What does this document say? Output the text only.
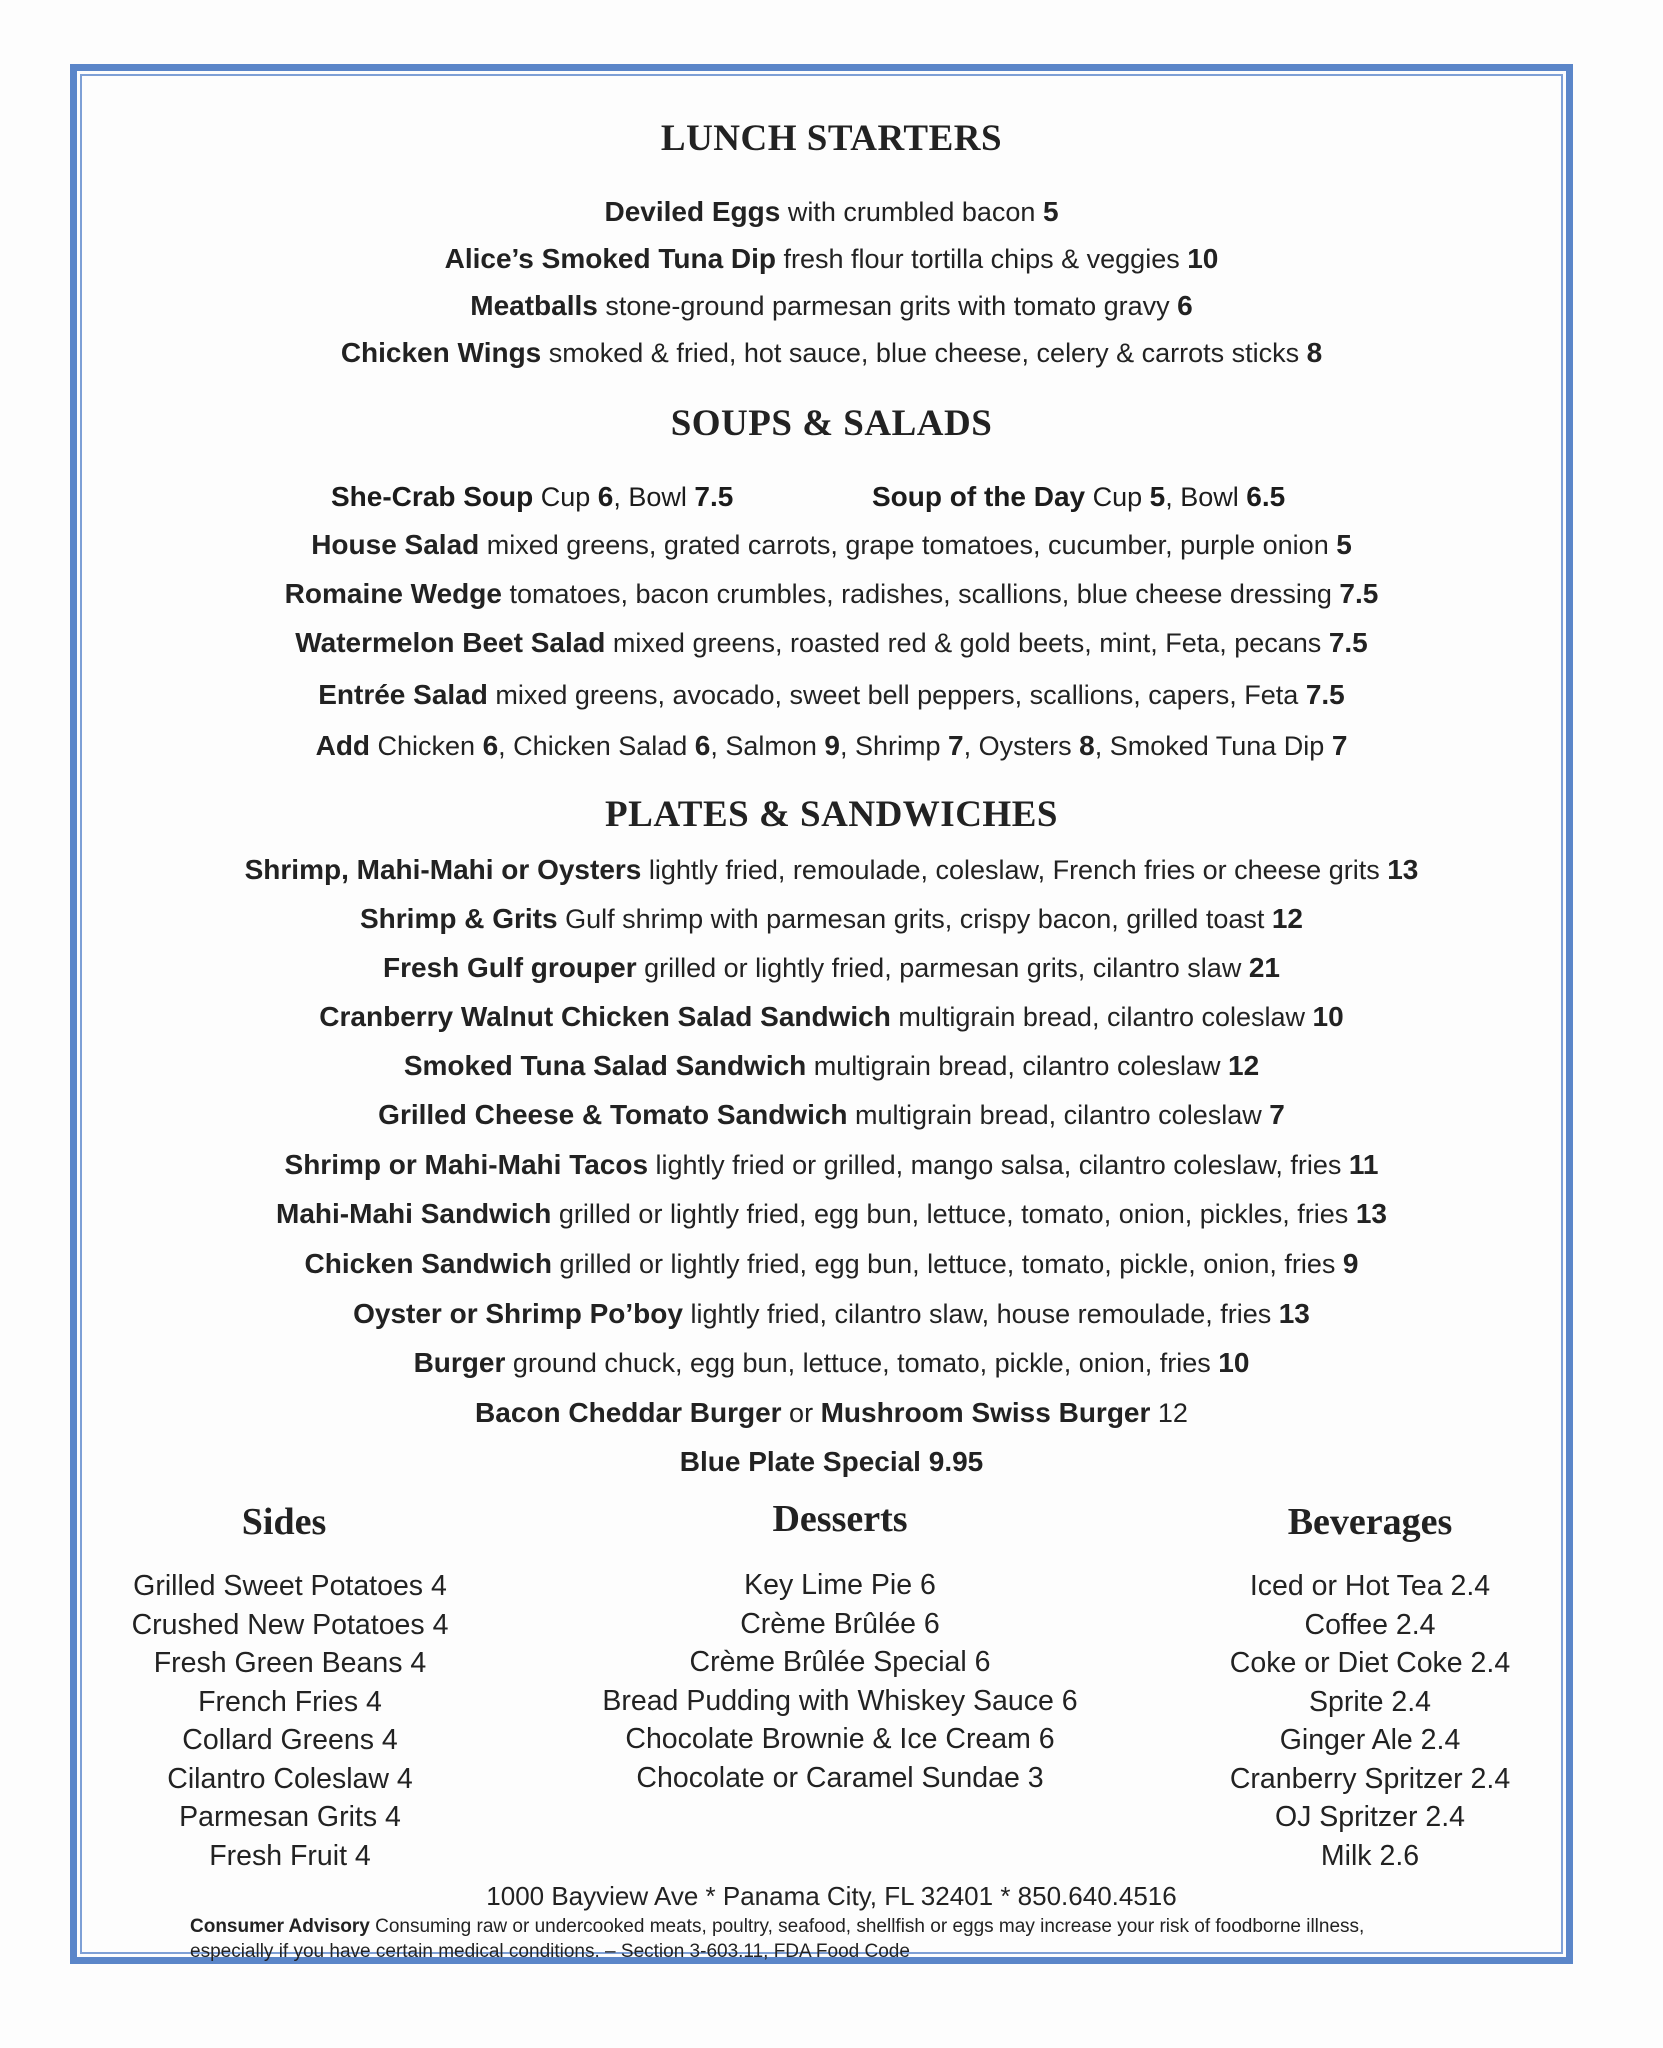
LUNCH STARTERS
Deviled Eggs with crumbled bacon 5
Alice’s Smoked Tuna Dip fresh flour tortilla chips & veggies 10
Meatballs stone-ground parmesan grits with tomato gravy 6
Chicken Wings smoked & fried, hot sauce, blue cheese, celery & carrots sticks 8
SOUPS & SALADS
She-Crab Soup Cup 6, Bowl 7.5	Soup of the Day Cup 5, Bowl 6.5
House Salad mixed greens, grated carrots, grape tomatoes, cucumber, purple onion 5
Romaine Wedge tomatoes, bacon crumbles, radishes, scallions, blue cheese dressing 7.5
Watermelon Beet Salad mixed greens, roasted red & gold beets, mint, Feta, pecans 7.5
Entrée Salad mixed greens, avocado, sweet bell peppers, scallions, capers, Feta 7.5
Add Chicken 6, Chicken Salad 6, Salmon 9, Shrimp 7, Oysters 8, Smoked Tuna Dip 7
PLATES & SANDWICHES
Shrimp, Mahi-Mahi or Oysters lightly fried, remoulade, coleslaw, French fries or cheese grits 13
Shrimp & Grits Gulf shrimp with parmesan grits, crispy bacon, grilled toast 12
Fresh Gulf grouper grilled or lightly fried, parmesan grits, cilantro slaw 21
Cranberry Walnut Chicken Salad Sandwich multigrain bread, cilantro coleslaw 10
Smoked Tuna Salad Sandwich multigrain bread, cilantro coleslaw 12
Grilled Cheese & Tomato Sandwich multigrain bread, cilantro coleslaw 7
Shrimp or Mahi-Mahi Tacos lightly fried or grilled, mango salsa, cilantro coleslaw, fries 11
Mahi-Mahi Sandwich grilled or lightly fried, egg bun, lettuce, tomato, onion, pickles, fries 13
Chicken Sandwich grilled or lightly fried, egg bun, lettuce, tomato, pickle, onion, fries 9
Oyster or Shrimp Po’boy lightly fried, cilantro slaw, house remoulade, fries 13
Burger ground chuck, egg bun, lettuce, tomato, pickle, onion, fries 10
Bacon Cheddar Burger or Mushroom Swiss Burger 12
Blue Plate Special 9.95
Sides	Desserts	Beverages
Grilled Sweet Potatoes 4
Crushed New Potatoes 4
Fresh Green Beans 4
French Fries 4
Collard Greens 4
Cilantro Coleslaw 4
Parmesan Grits 4
Fresh Fruit 4
Key Lime Pie 6
Crème Brûlée 6
Crème Brûlée Special 6
Bread Pudding with Whiskey Sauce 6
Chocolate Brownie & Ice Cream 6
Chocolate or Caramel Sundae 3
Iced or Hot Tea 2.4
Coffee 2.4
Coke or Diet Coke 2.4
Sprite 2.4
Ginger Ale 2.4
Cranberry Spritzer 2.4
OJ Spritzer 2.4
Milk 2.6
1000 Bayview Ave * Panama City, FL 32401 * 850.640.4516
Consumer Advisory Consuming raw or undercooked meats, poultry, seafood, shellfish or eggs may increase your risk of foodborne illness,
especially if you have certain medical conditions. – Section 3-603.11, FDA Food Code
